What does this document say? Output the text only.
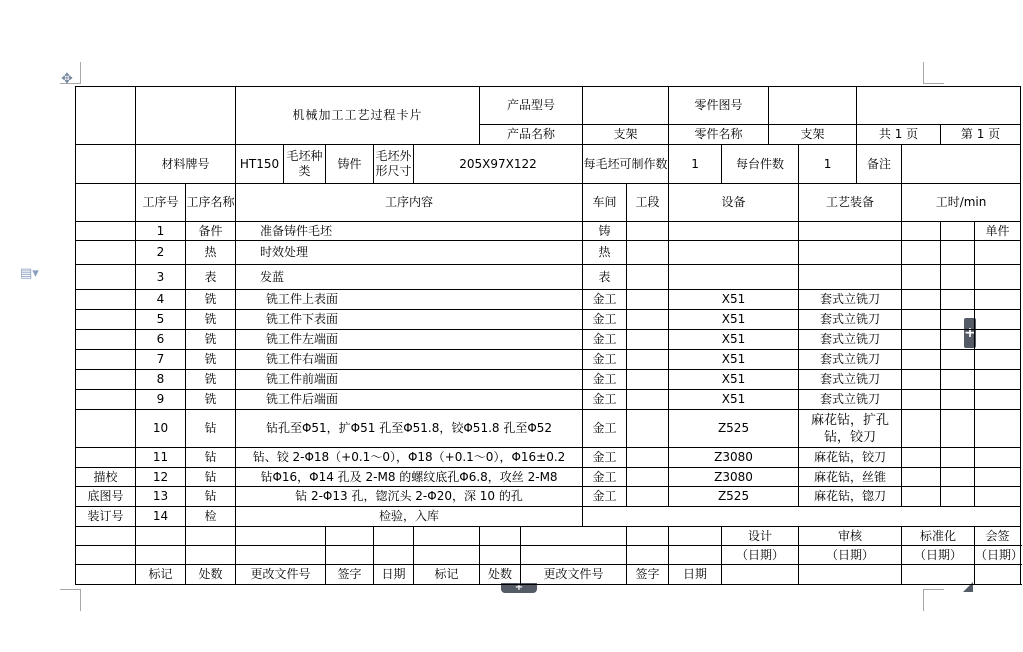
✥
▤▾
+
+
			机械加工工艺过程卡片					产品型号				零件图号							
								产品名称		支架		零件名称		支架		共 1 页		第 1 页	
	材料牌号		HT150	毛坯种类	铸件	毛坯外形尺寸	205X97X122			每毛坯可制作数		1	每台件数		1	备注			
	工序号	工序名称	工序内容							车间	工段	设备			工艺装备		工时/min		
	1	备件	准备铸件毛坯							铸									单件
	2	热	时效处理							热									
	3	表	发蓝							表									
	4	铣	铣工件上表面							金工		X51			套式立铣刀				
	5	铣	铣工件下表面							金工		X51			套式立铣刀				
	6	铣	铣工件左端面							金工		X51			套式立铣刀				
	7	铣	铣工件右端面							金工		X51			套式立铣刀				
	8	铣	铣工件前端面							金工		X51			套式立铣刀				
	9	铣	铣工件后端面							金工		X51			套式立铣刀				
	10	钻	钻孔至Φ51，扩Φ51 孔至Φ51.8，铰Φ51.8 孔至Φ52							金工		Z525			麻花钻，扩孔钻，铰刀				
	11	钻	钻、铰 2-Φ18（+0.1～0），Φ18（+0.1～0），Φ16±0.2							金工		Z3080			麻花钻，铰刀				
描校	12	钻	钻Φ16，Φ14 孔及 2-M8 的螺纹底孔Φ6.8，攻丝 2-M8							金工		Z3080			麻花钻，丝锥				
底图号	13	钻	钻 2-Φ13 孔，锪沉头 2-Φ20，深 10 的孔							金工		Z525			麻花钻，锪刀				
装订号	14	检	检验，入库																
													设计		审核		标准化		会签
													（日期）		（日期）		（日期）		（日期）
	标记	处数	更改文件号		签字	日期	标记	处数	更改文件号		签字	日期							
